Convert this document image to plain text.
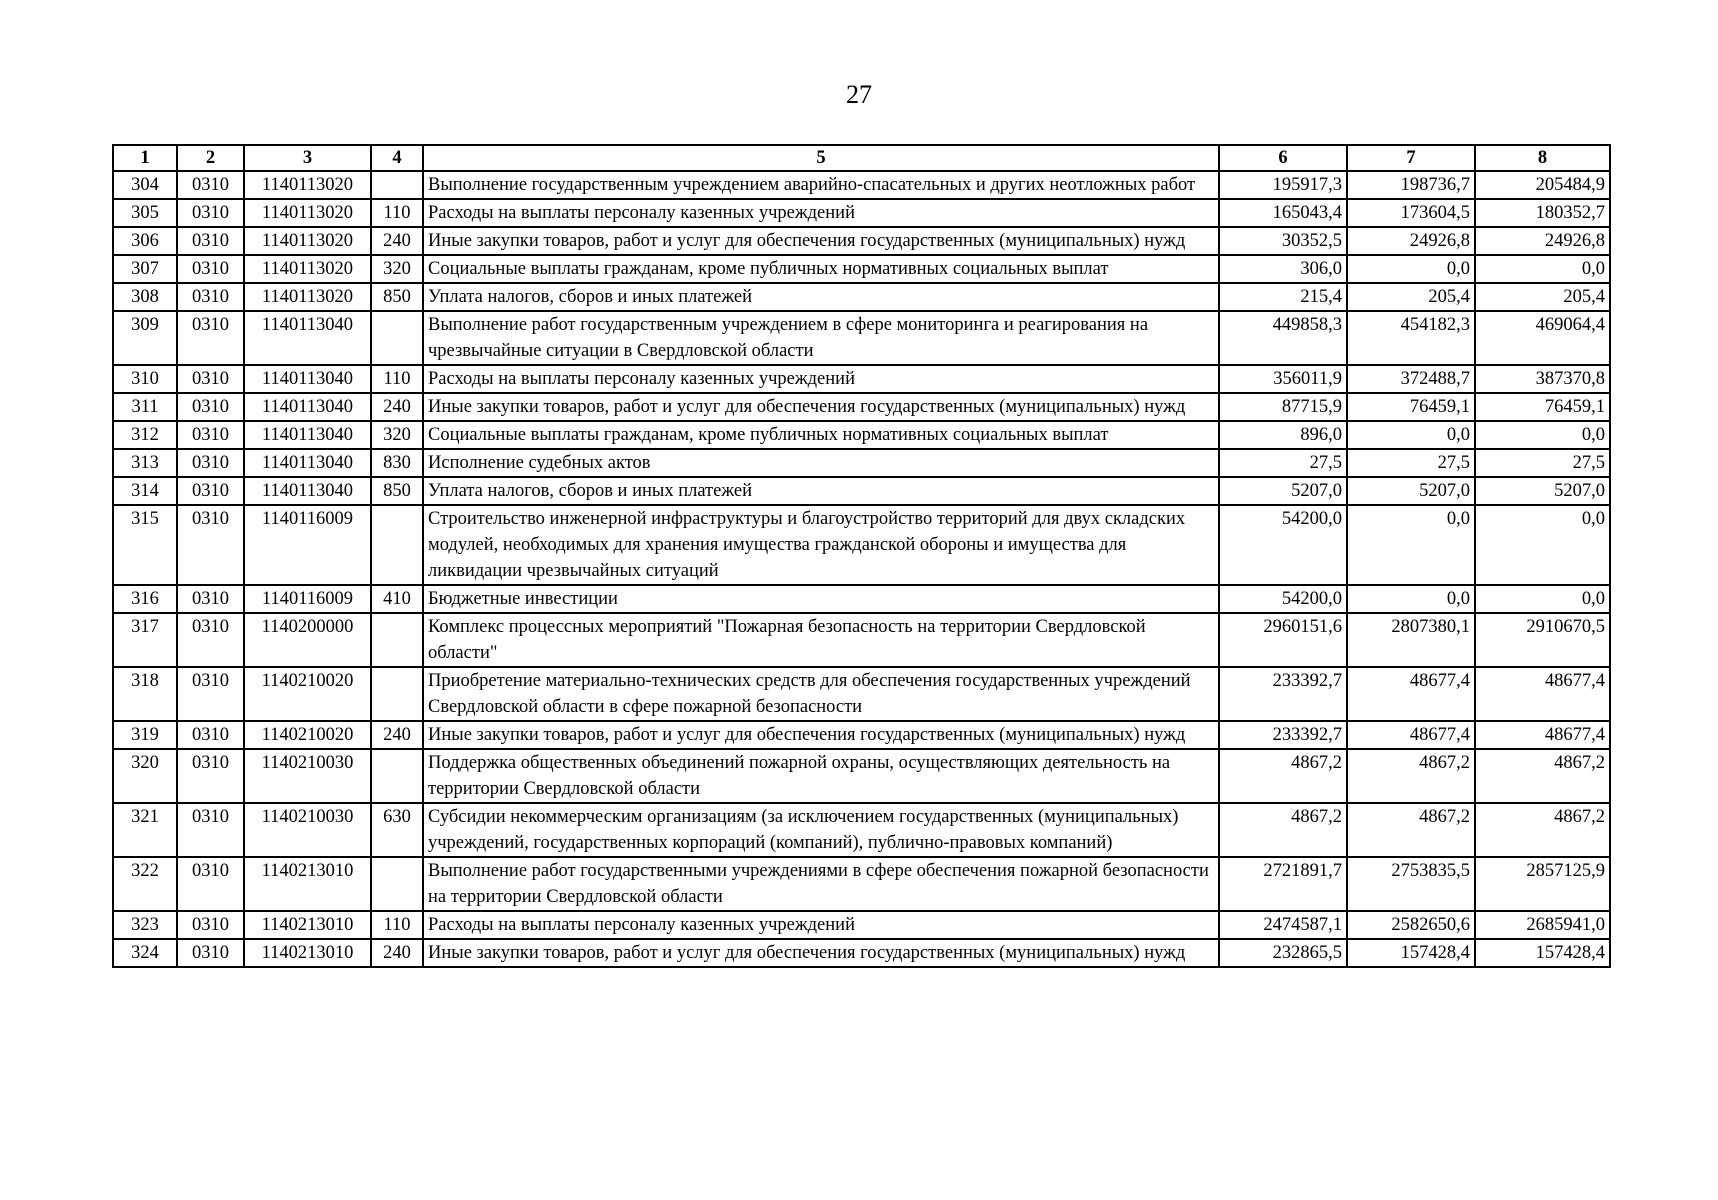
27
1	2	3	4	5	6	7	8
304	0310	1140113020		Выполнение государственным учреждением аварийно-спасательных и других неотложных работ	195917,3	198736,7	205484,9
305	0310	1140113020	110	Расходы на выплаты персоналу казенных учреждений	165043,4	173604,5	180352,7
306	0310	1140113020	240	Иные закупки товаров, работ и услуг для обеспечения государственных (муниципальных) нужд	30352,5	24926,8	24926,8
307	0310	1140113020	320	Социальные выплаты гражданам, кроме публичных нормативных социальных выплат	306,0	0,0	0,0
308	0310	1140113020	850	Уплата налогов, сборов и иных платежей	215,4	205,4	205,4
309	0310	1140113040		Выполнение работ государственным учреждением в сфере мониторинга и реагирования на чрезвычайные ситуации в Свердловской области	449858,3	454182,3	469064,4
310	0310	1140113040	110	Расходы на выплаты персоналу казенных учреждений	356011,9	372488,7	387370,8
311	0310	1140113040	240	Иные закупки товаров, работ и услуг для обеспечения государственных (муниципальных) нужд	87715,9	76459,1	76459,1
312	0310	1140113040	320	Социальные выплаты гражданам, кроме публичных нормативных социальных выплат	896,0	0,0	0,0
313	0310	1140113040	830	Исполнение судебных актов	27,5	27,5	27,5
314	0310	1140113040	850	Уплата налогов, сборов и иных платежей	5207,0	5207,0	5207,0
315	0310	1140116009		Строительство инженерной инфраструктуры и благоустройство территорий для двух складских модулей, необходимых для хранения имущества гражданской обороны и имущества для ликвидации чрезвычайных ситуаций	54200,0	0,0	0,0
316	0310	1140116009	410	Бюджетные инвестиции	54200,0	0,0	0,0
317	0310	1140200000		Комплекс процессных мероприятий "Пожарная безопасность на территории Свердловской области"	2960151,6	2807380,1	2910670,5
318	0310	1140210020		Приобретение материально-технических средств для обеспечения государственных учреждений Свердловской области в сфере пожарной безопасности	233392,7	48677,4	48677,4
319	0310	1140210020	240	Иные закупки товаров, работ и услуг для обеспечения государственных (муниципальных) нужд	233392,7	48677,4	48677,4
320	0310	1140210030		Поддержка общественных объединений пожарной охраны, осуществляющих деятельность на территории Свердловской области	4867,2	4867,2	4867,2
321	0310	1140210030	630	Субсидии некоммерческим организациям (за исключением государственных (муниципальных) учреждений, государственных корпораций (компаний), публично-правовых компаний)	4867,2	4867,2	4867,2
322	0310	1140213010		Выполнение работ государственными учреждениями в сфере обеспечения пожарной безопасности на территории Свердловской области	2721891,7	2753835,5	2857125,9
323	0310	1140213010	110	Расходы на выплаты персоналу казенных учреждений	2474587,1	2582650,6	2685941,0
324	0310	1140213010	240	Иные закупки товаров, работ и услуг для обеспечения государственных (муниципальных) нужд	232865,5	157428,4	157428,4
